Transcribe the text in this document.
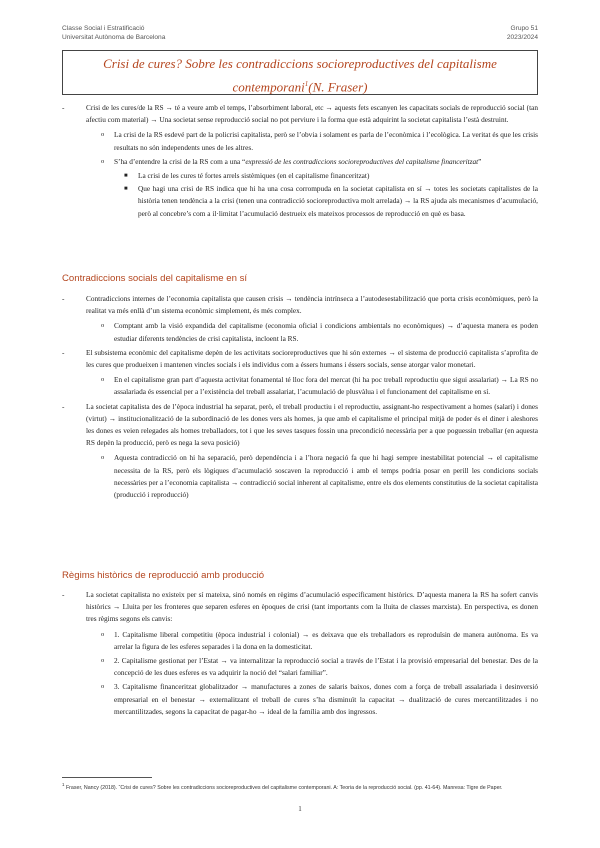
Classe Social i Estratificació
Universitat Autònoma de Barcelona
Grupo 51
2023/2024
Crisi de cures? Sobre les contradiccions socioreproductives del capitalisme
contemporani$^1$(N. Fraser)
-	Crisi de les cures/de la RS → té a veure amb el temps, l’absorbiment laboral, etc → aquests fets escanyen les capacitats socials de reproducció social (tan afectiu com material) → Una societat sense reproducció social no pot perviure i la forma que està adquirint la societat capitalista l’està destruint.
o La crisi de la RS esdevé part de la policrisi capitalista, però se l’obvia i solament es parla de l’econòmica i l’ecològica. La veritat és que les crisis resultats no són independents unes de les altres.
o S’ha d’entendre la crisi de la RS com a una “expressió de les contradiccions socioreproductives del capitalisme financeritzat”
■ La crisi de les cures té fortes arrels sistèmiques (en el capitalisme financeritzat)
■ Que hagi una crisi de RS indica que hi ha una cosa corrompuda en la societat capitalista en sí → totes les societats capitalistes de la història tenen tendència a la crisi (tenen una contradicció socioreproductiva molt arrelada) → la RS ajuda als mecanismes d’acumulació, però al concebre’s com a il·limitat l’acumulació destrueix els mateixos processos de reproducció en què es basa.
Contradiccions socials del capitalisme en sí
-	Contradiccions internes de l’economia capitalista que causen crisis → tendència intrínseca a l’autodesestabilització que porta crisis econòmiques, però la realitat va més enllà d’un sistema econòmic simplement, és més complex.
o Comptant amb la visió expandida del capitalisme (economia oficial i condicions ambientals no econòmiques) → d’aquesta manera es poden estudiar diferents tendències de crisi capitalista, incloent la RS.
-	El subsistema econòmic del capitalisme depèn de les activitats socioreproductives que hi són externes → el sistema de producció capitalista s’aprofita de les cures que produeixen i mantenen vincles socials i els individus com a éssers humans i éssers socials, sense atorgar valor monetari.
o En el capitalisme gran part d’aquesta activitat fonamental té lloc fora del mercat (hi ha poc treball reproductiu que sigui assalariat) → La RS no assalariada és essencial per a l’existència del treball assalariat, l’acumulació de plusvàlua i el funcionament del capitalisme en sí.
-	La societat capitalista des de l’època industrial ha separat, però, el treball productiu i el reproductiu, assignant-ho respectivament a homes (salari) i dones (virtut) → institucionalització de la subordinació de les dones vers als homes, ja que amb el capitalisme el principal mitjà de poder és el diner i aleshores les dones es veien relegades als homes treballadors, tot i que les seves tasques fossin una precondició necessària per a que poguessin treballar (en aquesta RS depèn la producció, però es nega la seva posició)
o Aquesta contradicció on hi ha separació, però dependència i a l’hora negació fa que hi hagi sempre inestabilitat potencial → el capitalisme necessita de la RS, però els lògiques d’acumulació soscaven la reproducció i amb el temps podria posar en perill les condicions socials necessàries per a l’economia capitalista → contradicció social inherent al capitalisme, entre els dos elements constitutius de la societat capitalista (producció i reproducció)
Règims històrics de reproducció amb producció
-	La societat capitalista no existeix per sí mateixa, sinó només en règims d’acumulació específicament històrics. D’aquesta manera la RS ha sofert canvis històrics → Lluita per les fronteres que separen esferes en èpoques de crisi (tant importants com la lluita de classes marxista). En perspectiva, es donen tres règims segons els canvis:
o 1. Capitalisme liberal competitiu (època industrial i colonial) → es deixava que els treballadors es reproduïsin de manera autònoma. Es va arrelar la figura de les esferes separades i la dona en la domesticitat.
o 2. Capitalisme gestionat per l’Estat → va internalitzar la reproducció social a través de l’Estat i la provisió empresarial del benestar. Des de la concepció de les dues esferes es va adquirir la noció del “salari familiar”.
o 3. Capitalisme financeritzat globalitzador → manufactures a zones de salaris baixos, dones com a força de treball assalariada i desinversió empresarial en el benestar → externalitzant el treball de cures s’ha disminuït la capacitat → dualització de cures mercantilitzades i no mercantilitzades, segons la capacitat de pagar-ho → ideal de la família amb dos ingressos.
$^1$ Fraser, Nancy (2018). “Crisi de cures? Sobre les contradiccions socioreproductives del capitalisme contemporani. A: Teoria de la reproducció social. (pp. 41-64). Manresa: Tigre de Paper.
1
